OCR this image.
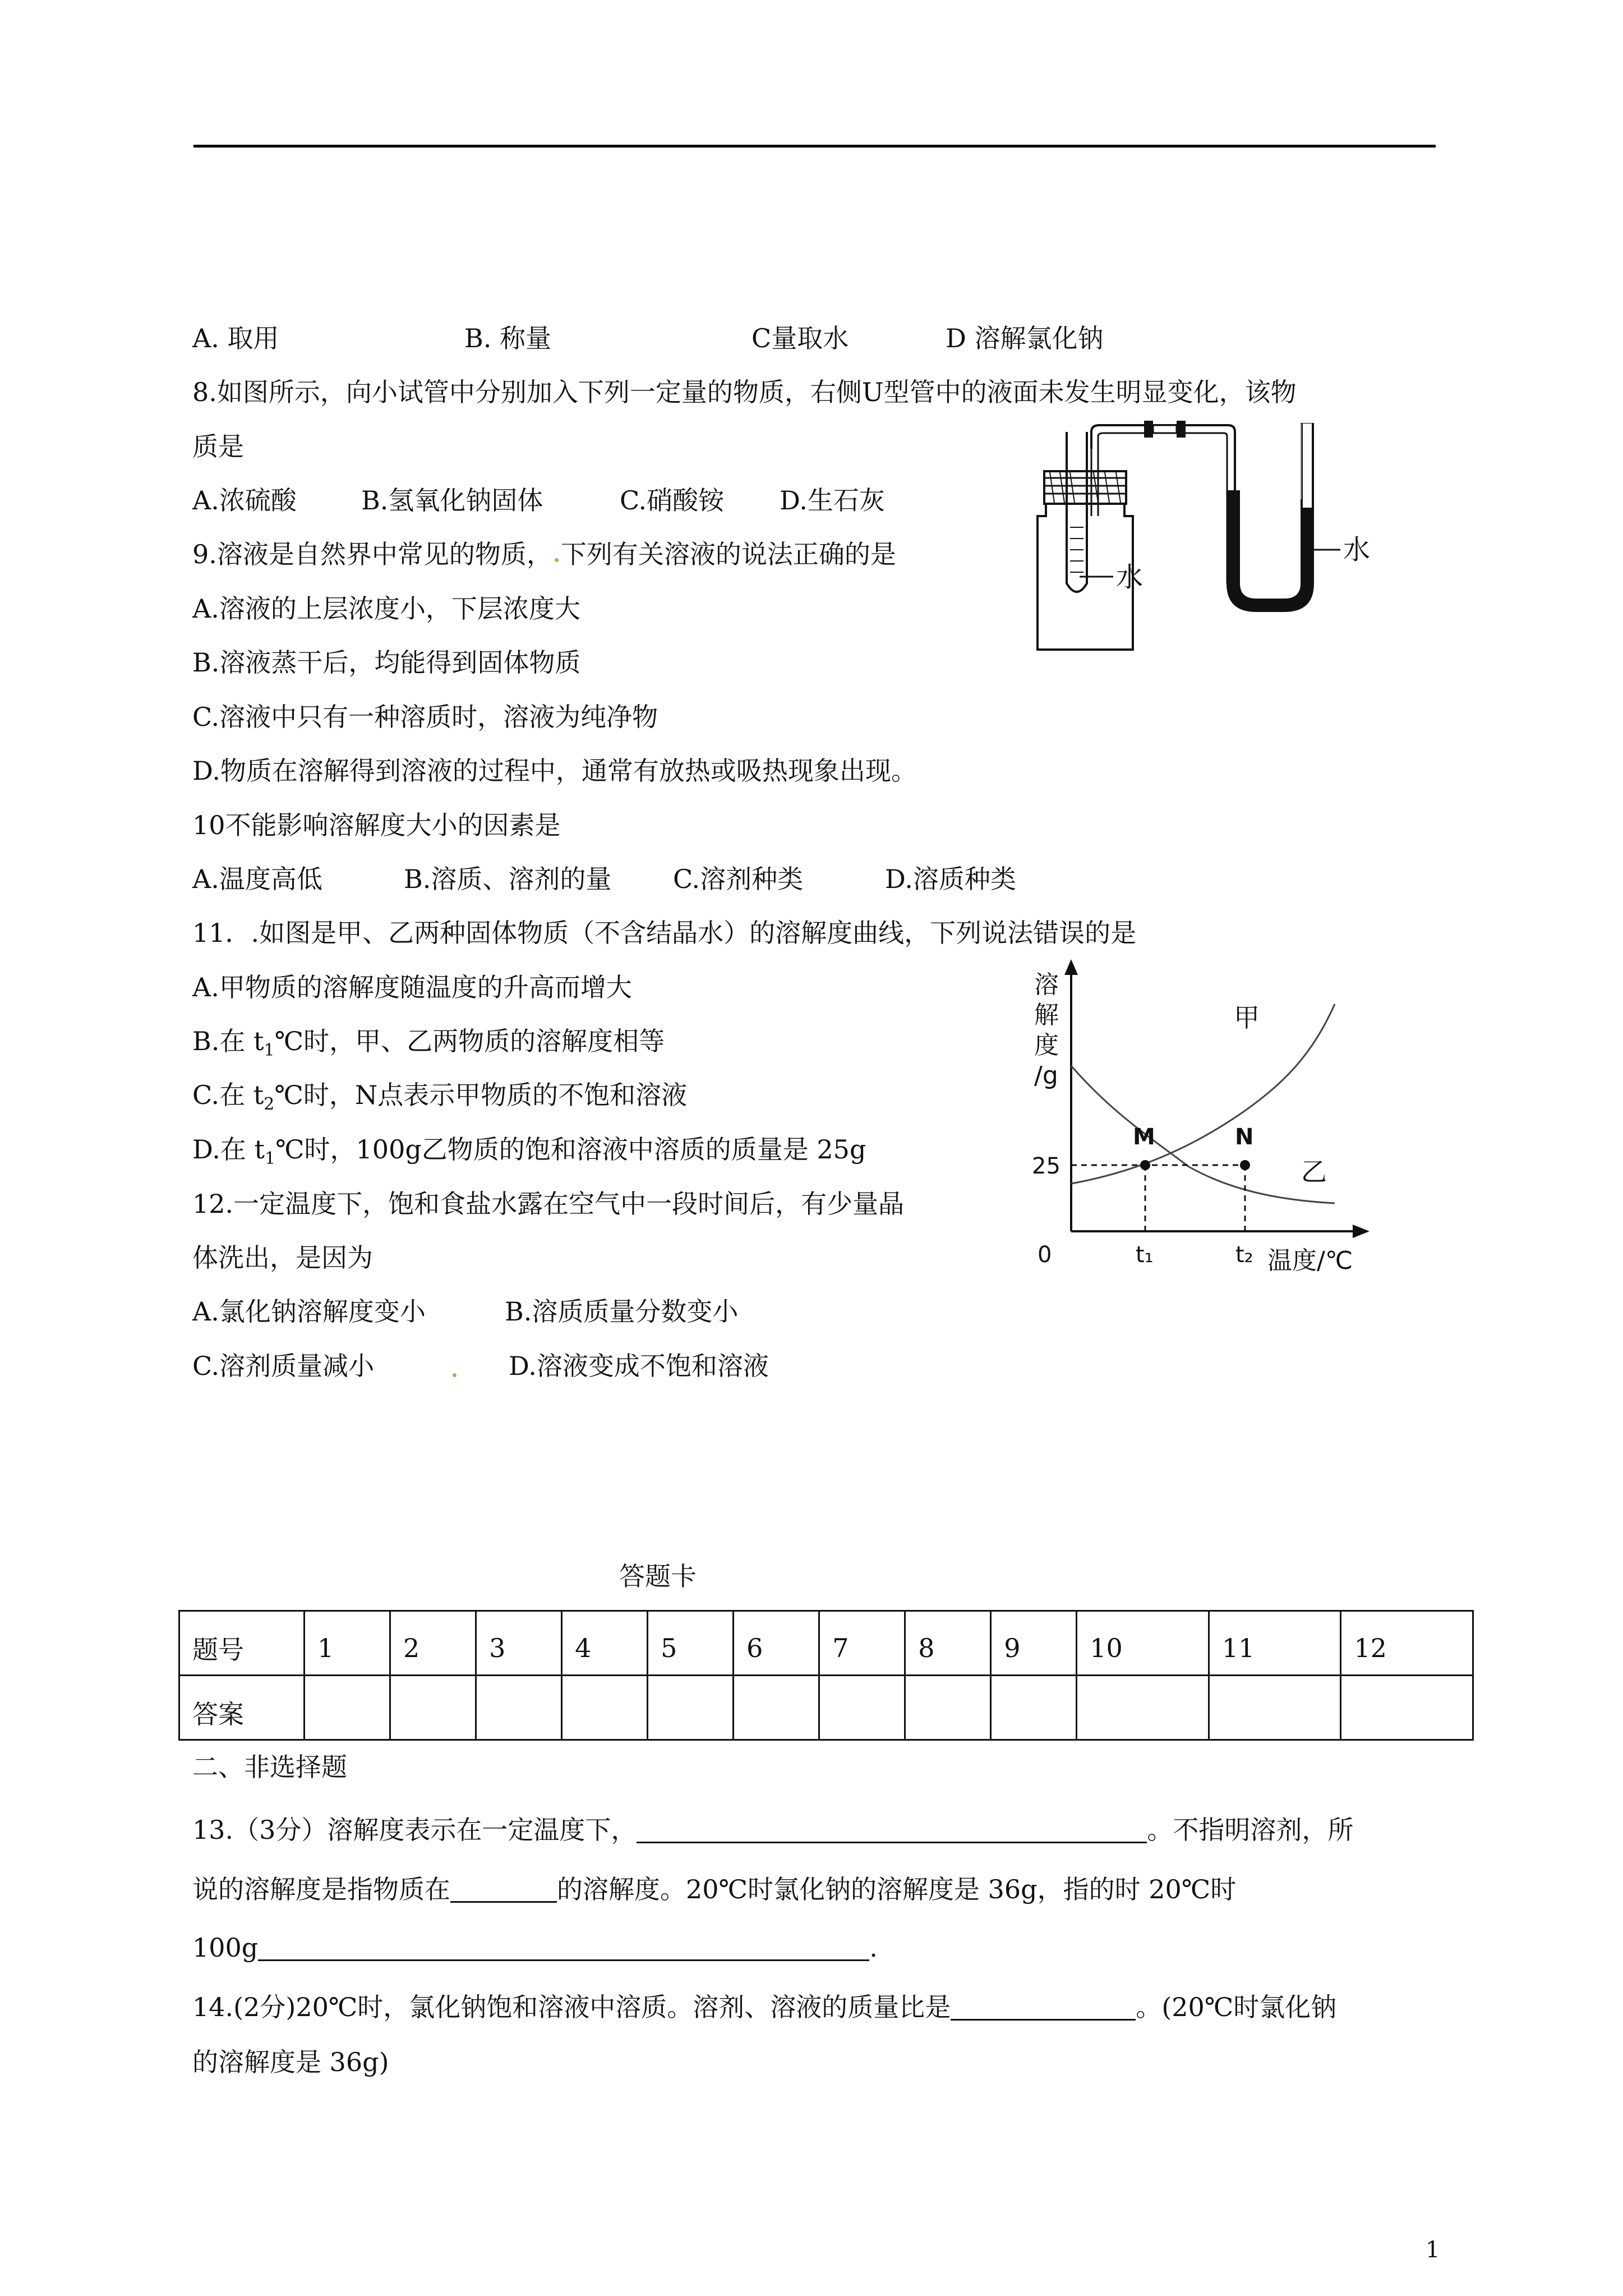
A. 取用	B. 称量	C量取水	D 溶解氯化钠
8.如图所示，向小试管中分别加入下列一定量的物质，右侧U型管中的液面未发生明显变化，该物
质是
A.浓硫酸	B.氢氧化钠固体	C.硝酸铵 D.生石灰
水
水
9.溶液是自然界中常见的物质， 下列有关溶液的说法正确的是
A.溶液的上层浓度小，下层浓度大
B.溶液蒸干后，均能得到固体物质
C.溶液中只有一种溶质时，溶液为纯净物
D.物质在溶解得到溶液的过程中，通常有放热或吸热现象出现。
10不能影响溶解度大小的因素是
A.温度高低	B.溶质、溶剂的量 C.溶剂种类	D.溶质种类
11．.如图是甲、乙两种固体物质（不含结晶水）的溶解度曲线，下列说法错误的是
A.甲物质的溶解度随温度的升高而增大
B.在 $t_1℃$时，甲、乙两物质的溶解度相等
C.在 $t_2℃$时，N点表示甲物质的不饱和溶液
D.在 $t_1℃$时，100g乙物质的饱和溶液中溶质的质量是 25g
溶
解
度
/g
0
M	N
25
t₁	t₂ 温度/℃
甲
乙
12.一定温度下，饱和食盐水露在空气中一段时间后，有少量晶
体洗出，是因为
A.氯化钠溶解度变小	B.溶质质量分数变小
C.溶剂质量减小	D.溶液变成不饱和溶液
答题卡
题号	1	2	3	4	5	6	7	8	9	10	11	12
答案												
二、非选择题
13.（3分）溶解度表示在一定温度下，	。不指明溶剂，所
说的溶解度是指物质在	的溶解度。20℃时氯化钠的溶解度是 36g，指的时 20℃时
100g	.
14.(2分)20℃时，氯化钠饱和溶液中溶质。溶剂、溶液的质量比是	。(20℃时氯化钠
的溶解度是 36g)
1
